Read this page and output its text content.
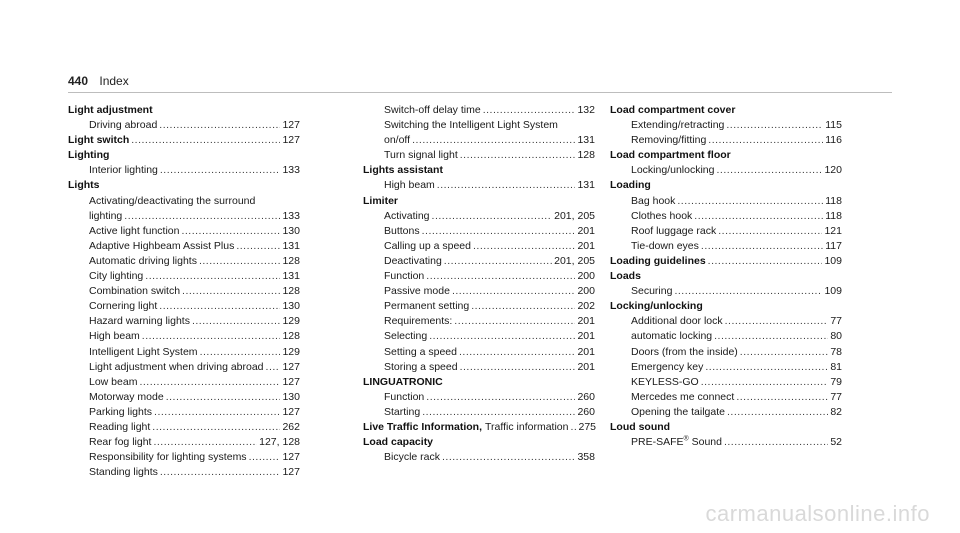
440 Index
Light adjustment
Driving abroad .....	127
Light switch .....	127
Lighting
Interior lighting .....	133
Lights
Activating/deactivating the surround
lighting .....	133
Active light function .....	130
Adaptive Highbeam Assist Plus .....	131
Automatic driving lights .....	128
City lighting .....	131
Combination switch .....	128
Cornering light .....	130
Hazard warning lights .....	129
High beam .....	128
Intelligent Light System .....	129
Light adjustment when driving abroad ..... 127
Low beam .....	127
Motorway mode .....	130
Parking lights .....	127
Reading light .....	262
Rear fog light .....	127, 128
Responsibility for lighting systems .....	127
Standing lights .....	127
Switch-off delay time .....	132
Switching the Intelligent Light System
on/off .....	131
Turn signal light .....	128
Lights assistant
High beam .....	131
Limiter
Activating .....	201, 205
Buttons .....	201
Calling up a speed .....	201
Deactivating .....	201, 205
Function .....	200
Passive mode .....	200
Permanent setting .....	202
Requirements: .....	201
Selecting .....	201
Setting a speed .....	201
Storing a speed .....	201
LINGUATRONIC
Function .....	260
Starting .....	260
Live Traffic Information, Traffic information ..... 275
Load capacity
Bicycle rack .....	358
Load compartment cover
Extending/retracting .....	115
Removing/fitting .....	116
Load compartment floor
Locking/unlocking .....	120
Loading
Bag hook .....	118
Clothes hook .....	118
Roof luggage rack .....	121
Tie-down eyes .....	117
Loading guidelines .....	109
Loads
Securing .....	109
Locking/unlocking
Additional door lock .....	77
automatic locking .....	80
Doors (from the inside) .....	78
Emergency key .....	81
KEYLESS-GO .....	79
Mercedes me connect .....	77
Opening the tailgate .....	82
Loud sound
PRE-SAFE® Sound .....	52
carmanualsonline.info
